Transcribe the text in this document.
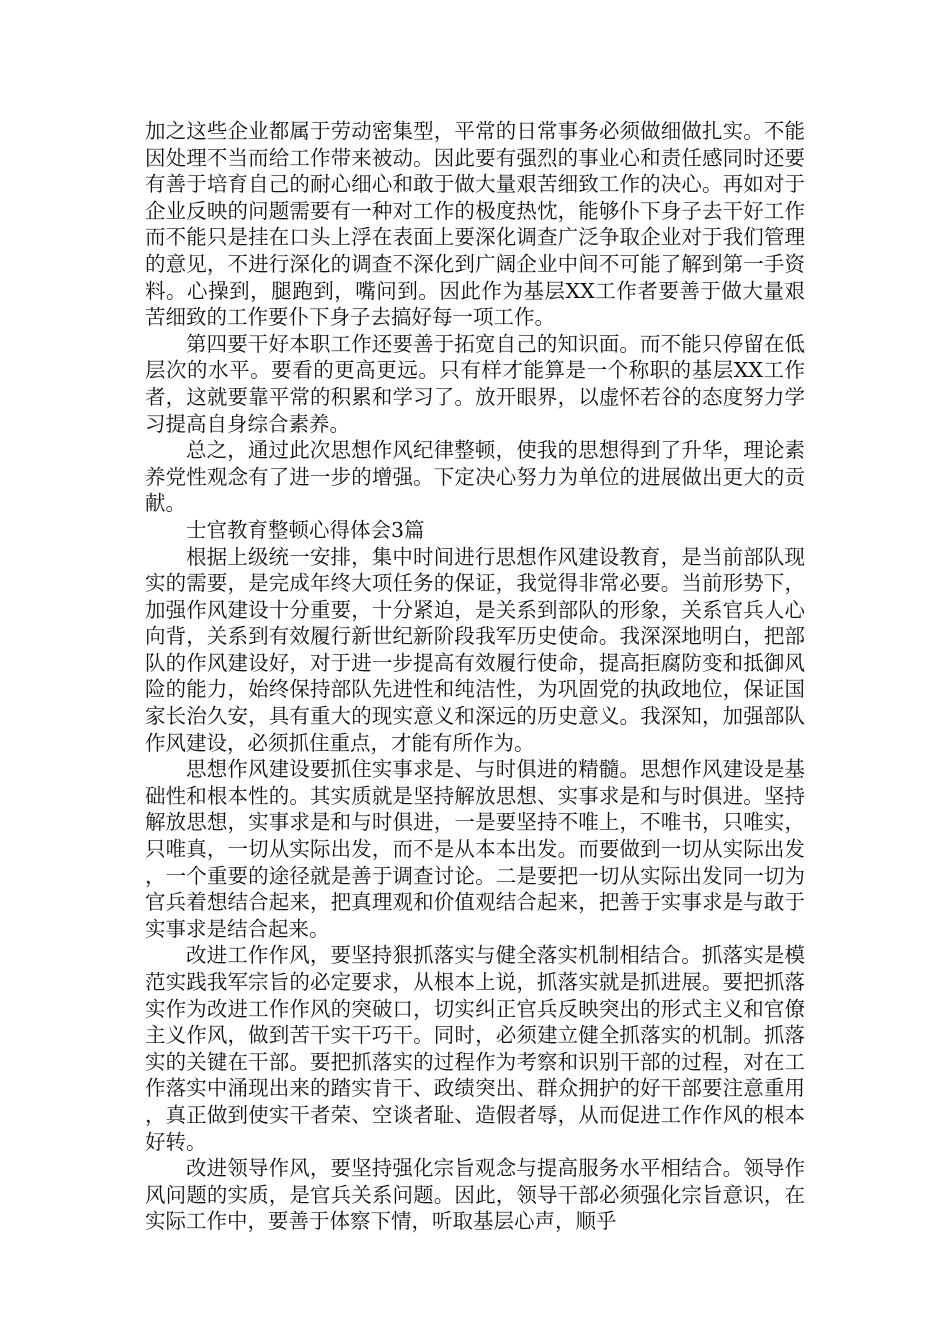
加之这些企业都属于劳动密集型，平常的日常事务必须做细做扎实。不能因处理不当而给工作带来被动。因此要有强烈的事业心和责任感同时还要有善于培育自己的耐心细心和敢于做大量艰苦细致工作的决心。再如对于企业反映的问题需要有一种对工作的极度热忱，能够仆下身子去干好工作而不能只是挂在口头上浮在表面上要深化调查广泛争取企业对于我们管理的意见，不进行深化的调查不深化到广阔企业中间不可能了解到第一手资料。心操到，腿跑到，嘴问到。因此作为基层XX工作者要善于做大量艰苦细致的工作要仆下身子去搞好每一项工作。

第四要干好本职工作还要善于拓宽自己的知识面。而不能只停留在低层次的水平。要看的更高更远。只有样才能算是一个称职的基层XX工作者，这就要靠平常的积累和学习了。放开眼界，以虚怀若谷的态度努力学习提高自身综合素养。

总之，通过此次思想作风纪律整顿，使我的思想得到了升华，理论素养党性观念有了进一步的增强。下定决心努力为单位的进展做出更大的贡献。

士官教育整顿心得体会3篇

根据上级统一安排，集中时间进行思想作风建设教育，是当前部队现实的需要，是完成年终大项任务的保证，我觉得非常必要。当前形势下，加强作风建设十分重要，十分紧迫，是关系到部队的形象，关系官兵人心向背，关系到有效履行新世纪新阶段我军历史使命。我深深地明白，把部队的作风建设好，对于进一步提高有效履行使命，提高拒腐防变和抵御风险的能力，始终保持部队先进性和纯洁性，为巩固党的执政地位，保证国家长治久安，具有重大的现实意义和深远的历史意义。我深知，加强部队作风建设，必须抓住重点，才能有所作为。

思想作风建设要抓住实事求是、与时俱进的精髓。思想作风建设是基础性和根本性的。其实质就是坚持解放思想、实事求是和与时俱进。坚持解放思想，实事求是和与时俱进，一是要坚持不唯上，不唯书，只唯实，只唯真，一切从实际出发，而不是从本本出发。而要做到一切从实际出发，一个重要的途径就是善于调查讨论。二是要把一切从实际出发同一切为官兵着想结合起来，把真理观和价值观结合起来，把善于实事求是与敢于实事求是结合起来。

改进工作作风，要坚持狠抓落实与健全落实机制相结合。抓落实是模范实践我军宗旨的必定要求，从根本上说，抓落实就是抓进展。要把抓落实作为改进工作作风的突破口，切实纠正官兵反映突出的形式主义和官僚主义作风，做到苦干实干巧干。同时，必须建立健全抓落实的机制。抓落实的关键在干部。要把抓落实的过程作为考察和识别干部的过程，对在工作落实中涌现出来的踏实肯干、政绩突出、群众拥护的好干部要注意重用，真正做到使实干者荣、空谈者耻、造假者辱，从而促进工作作风的根本好转。

改进领导作风，要坚持强化宗旨观念与提高服务水平相结合。领导作风问题的实质，是官兵关系问题。因此，领导干部必须强化宗旨意识，在实际工作中，要善于体察下情，听取基层心声，顺乎
